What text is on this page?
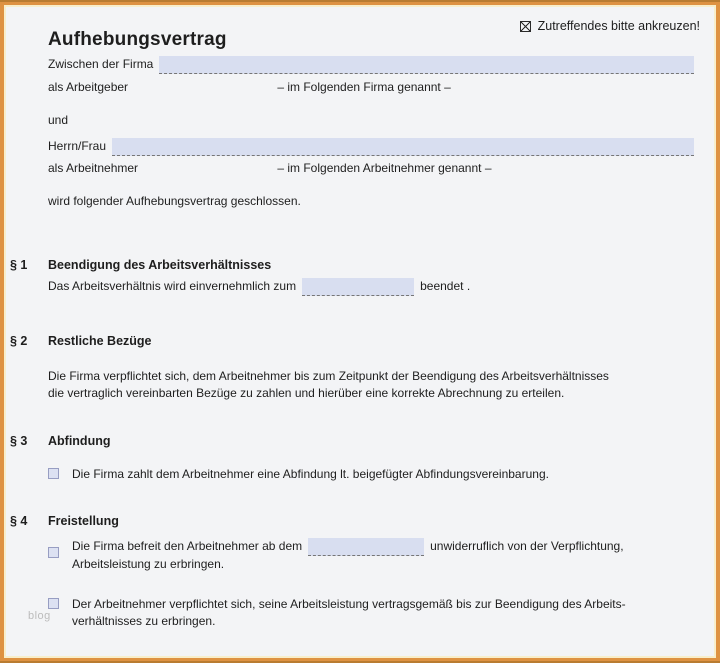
Zutreffendes bitte ankreuzen!
Aufhebungsvertrag
Zwischen der Firma
als Arbeitgeber	– im Folgenden Firma genannt –
und
Herrn/Frau
als Arbeitnehmer	– im Folgenden Arbeitnehmer genannt –
wird folgender Aufhebungsvertrag geschlossen.
§ 1	Beendigung des Arbeitsverhältnisses
Das Arbeitsverhältnis wird einvernehmlich zum	beendet .
§ 2	Restliche Bezüge
Die Firma verpflichtet sich, dem Arbeitnehmer bis zum Zeitpunkt der Beendigung des Arbeitsverhältnisses
die vertraglich vereinbarten Bezüge zu zahlen und hierüber eine korrekte Abrechnung zu erteilen.
§ 3	Abfindung
Die Firma zahlt dem Arbeitnehmer eine Abfindung lt. beigefügter Abfindungsvereinbarung.
§ 4	Freistellung
Die Firma befreit den Arbeitnehmer ab dem	unwiderruflich von der Verpflichtung,
Arbeitsleistung zu erbringen.
Der Arbeitnehmer verpflichtet sich, seine Arbeitsleistung vertragsgemäß bis zur Beendigung des Arbeits-
verhältnisses zu erbringen.
blog
